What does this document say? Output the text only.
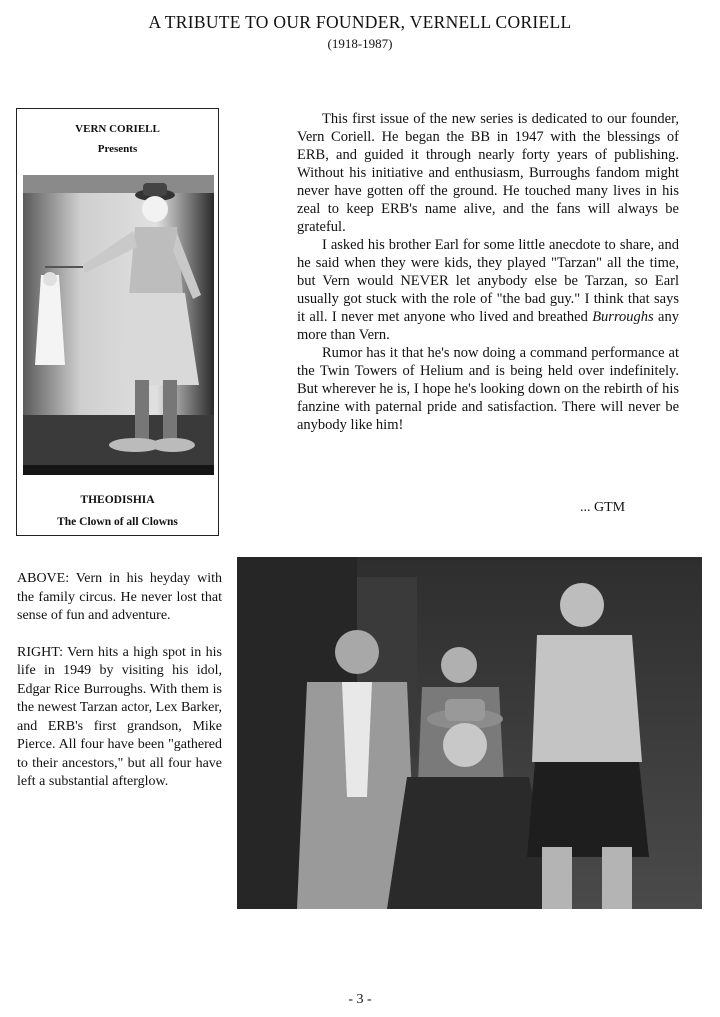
A TRIBUTE TO OUR FOUNDER, VERNELL CORIELL
(1918-1987)
VERN CORIELL
Presents
THEODISHIA
The Clown of all Clowns

This first issue of the new series is dedicated to our founder, Vern Coriell. He began the BB in 1947 with the blessings of ERB, and guided it through nearly forty years of publishing. Without his initiative and enthusiasm, Burroughs fandom might never have gotten off the ground. He touched many lives in his zeal to keep ERB's name alive, and the fans will always be grateful.

I asked his brother Earl for some little anecdote to share, and he said when they were kids, they played "Tarzan" all the time, but Vern would NEVER let anybody else be Tarzan, so Earl usually got stuck with the role of "the bad guy." I think that says it all. I never met anyone who lived and breathed Burroughs any more than Vern.

Rumor has it that he's now doing a command performance at the Twin Towers of Helium and is being held over indefinitely. But wherever he is, I hope he's looking down on the rebirth of his fanzine with paternal pride and satisfaction. There will never be anybody like him!

... GTM

ABOVE: Vern in his heyday with the family circus. He never lost that sense of fun and adventure.

RIGHT: Vern hits a high spot in his life in 1949 by visiting his idol, Edgar Rice Burroughs. With them is the newest Tarzan actor, Lex Barker, and ERB's first grandson, Mike Pierce. All four have been "gathered to their ancestors," but all four have left a substantial afterglow.

- 3 -
